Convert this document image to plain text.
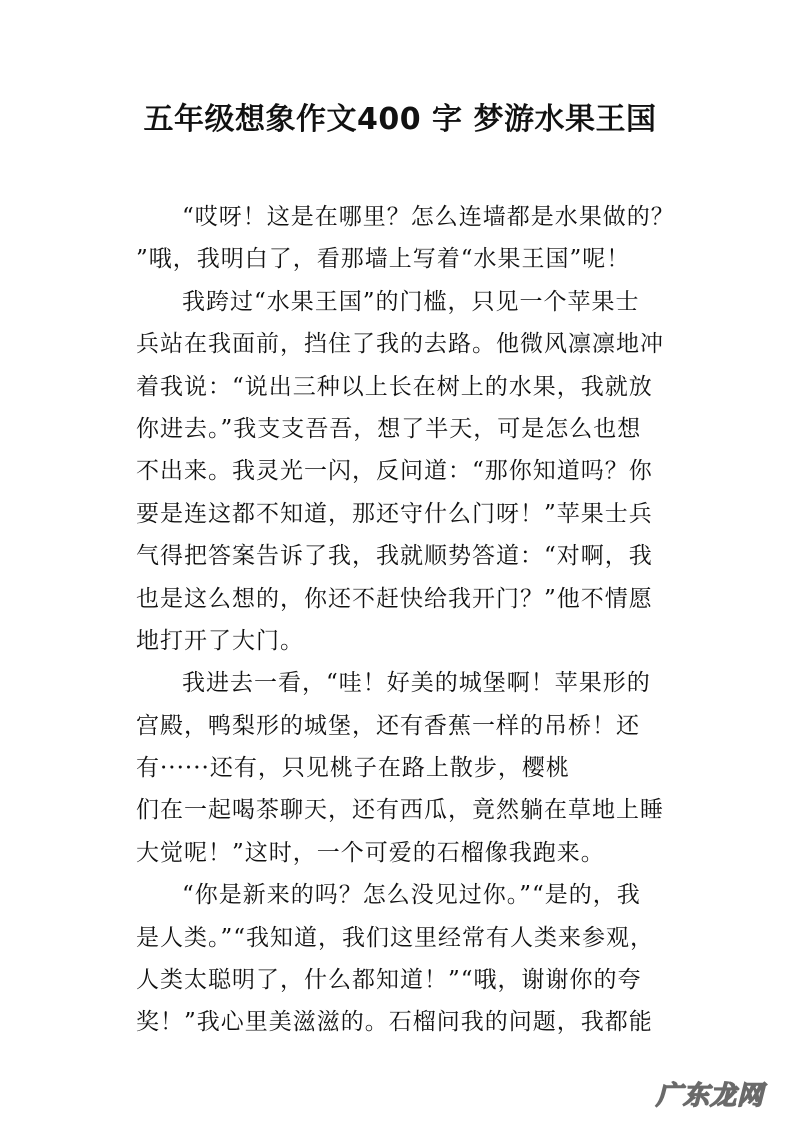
五年级想象作文400 字 梦游水果王国
“哎呀！这是在哪里？怎么连墙都是水果做的？
”哦，我明白了，看那墙上写着“水果王国”呢！
我跨过“水果王国”的门槛，只见一个苹果士
兵站在我面前，挡住了我的去路。他微风凛凛地冲
着我说：“说出三种以上长在树上的水果，我就放
你进去。”我支支吾吾，想了半天，可是怎么也想
不出来。我灵光一闪，反问道：“那你知道吗？你
要是连这都不知道，那还守什么门呀！”苹果士兵
气得把答案告诉了我，我就顺势答道：“对啊，我
也是这么想的，你还不赶快给我开门？”他不情愿
地打开了大门。
我进去一看，“哇！好美的城堡啊！苹果形的
宫殿，鸭梨形的城堡，还有香蕉一样的吊桥！还
有······还有，只见桃子在路上散步，樱桃
们在一起喝茶聊天，还有西瓜，竟然躺在草地上睡
大觉呢！”这时，一个可爱的石榴像我跑来。
“你是新来的吗？怎么没见过你。”“是的，我
是人类。”“我知道，我们这里经常有人类来参观，
人类太聪明了，什么都知道！”“哦，谢谢你的夸
奖！”我心里美滋滋的。石榴问我的问题，我都能
广东龙网
